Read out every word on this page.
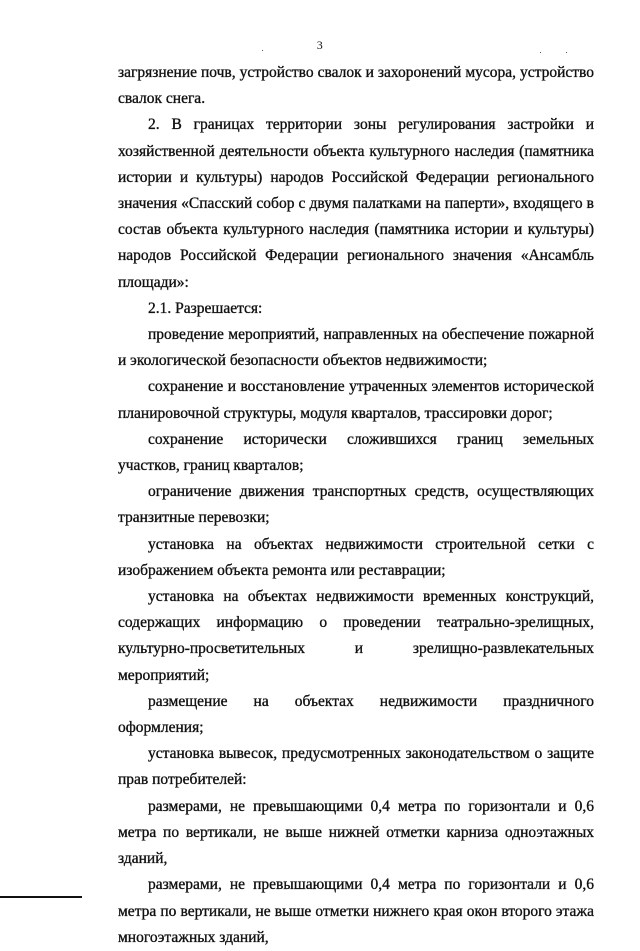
3

загрязнение почв, устройство свалок и захоронений мусора, устройство свалок снега.

2. В границах территории зоны регулирования застройки и хозяйственной деятельности объекта культурного наследия (памятника истории и культуры) народов Российской Федерации регионального значения «Спасский собор с двумя палатками на паперти», входящего в состав объекта культурного наследия (памятника истории и культуры) народов Российской Федерации регионального значения «Ансамбль площади»:

2.1. Разрешается:

проведение мероприятий, направленных на обеспечение пожарной и экологической безопасности объектов недвижимости;

сохранение и восстановление утраченных элементов исторической планировочной структуры, модуля кварталов, трассировки дорог;

сохранение исторически сложившихся границ земельных участков, границ кварталов;

ограничение движения транспортных средств, осуществляющих транзитные перевозки;

установка на объектах недвижимости строительной сетки с изображением объекта ремонта или реставрации;

установка на объектах недвижимости временных конструкций, содержащих информацию о проведении театрально-зрелищных, культурно-просветительных и зрелищно-развлекательных мероприятий;

размещение на объектах недвижимости праздничного оформления;

установка вывесок, предусмотренных законодательством о защите прав потребителей:

размерами, не превышающими 0,4 метра по горизонтали и 0,6 метра по вертикали, не выше нижней отметки карниза одноэтажных зданий,

размерами, не превышающими 0,4 метра по горизонтали и 0,6 метра по вертикали, не выше отметки нижнего края окон второго этажа многоэтажных зданий,
